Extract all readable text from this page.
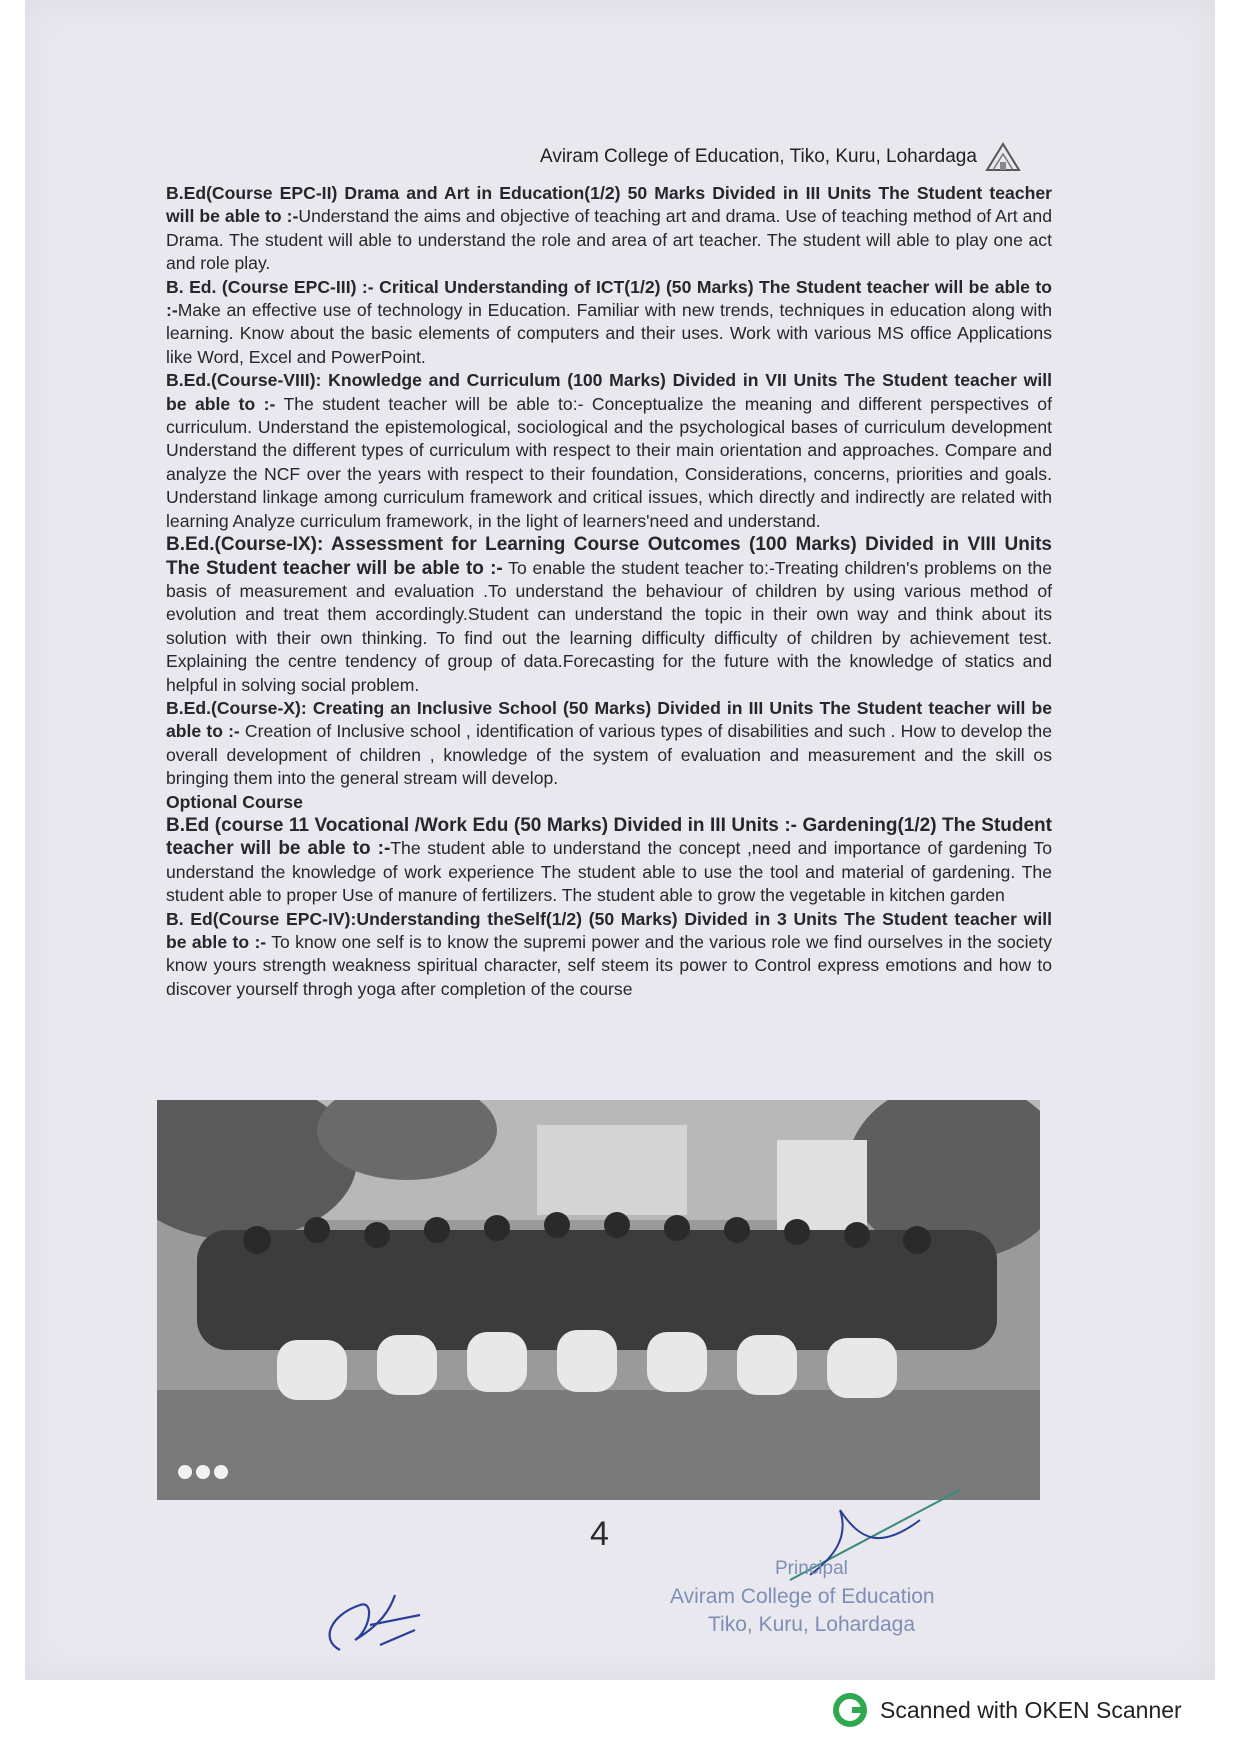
Aviram College of Education, Tiko, Kuru, Lohardaga

B.Ed(Course EPC-II) Drama and Art in Education(1/2) 50 Marks Divided in III Units The Student teacher will be able to :-Understand the aims and objective of teaching art and drama. Use of teaching method of Art and Drama. The student will able to understand the role and area of art teacher. The student will able to play one act and role play.

B. Ed. (Course EPC-III) :- Critical Understanding of ICT(1/2) (50 Marks) The Student teacher will be able to :-Make an effective use of technology in Education. Familiar with new trends, techniques in education along with learning. Know about the basic elements of computers and their uses. Work with various MS office Applications like Word, Excel and PowerPoint.

B.Ed.(Course-VIII): Knowledge and Curriculum (100 Marks) Divided in VII Units The Student teacher will be able to :- The student teacher will be able to:- Conceptualize the meaning and different perspectives of curriculum. Understand the epistemological, sociological and the psychological bases of curriculum development Understand the different types of curriculum with respect to their main orientation and approaches. Compare and analyze the NCF over the years with respect to their foundation, Considerations, concerns, priorities and goals. Understand linkage among curriculum framework and critical issues, which directly and indirectly are related with learning Analyze curriculum framework, in the light of learners'need and understand.

B.Ed.(Course-IX): Assessment for Learning Course Outcomes (100 Marks) Divided in VIII Units The Student teacher will be able to :- To enable the student teacher to:-Treating children's problems on the basis of measurement and evaluation .To understand the behaviour of children by using various method of evolution and treat them accordingly.Student can understand the topic in their own way and think about its solution with their own thinking. To find out the learning difficulty difficulty of children by achievement test. Explaining the centre tendency of group of data.Forecasting for the future with the knowledge of statics and helpful in solving social problem.

B.Ed.(Course-X): Creating an Inclusive School (50 Marks) Divided in III Units The Student teacher will be able to :- Creation of Inclusive school , identification of various types of disabilities and such . How to develop the overall development of children , knowledge of the system of evaluation and measurement and the skill os bringing them into the general stream will develop.

Optional Course

B.Ed (course 11 Vocational /Work Edu (50 Marks) Divided in III Units :- Gardening(1/2) The Student teacher will be able to :-The student able to understand the concept ,need and importance of gardening To understand the knowledge of work experience The student able to use the tool and material of gardening. The student able to proper Use of manure of fertilizers. The student able to grow the vegetable in kitchen garden

B. Ed(Course EPC-IV):Understanding theSelf(1/2) (50 Marks) Divided in 3 Units The Student teacher will be able to :- To know one self is to know the supremi power and the various role we find ourselves in the society know yours strength weakness spiritual character, self steem its power to Control express emotions and how to discover yourself throgh yoga after completion of the course

4
Principal
Aviram College of Education
Tiko, Kuru, Lohardaga
Scanned with OKEN Scanner
